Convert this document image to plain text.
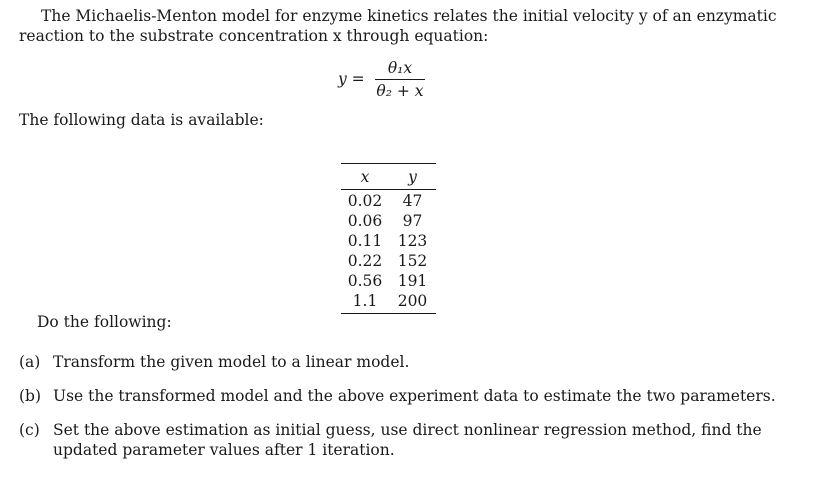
The Michaelis-Menton model for enzyme kinetics relates the initial velocity y of an enzymatic
reaction to the substrate concentration x through equation:
y =
θ₁x
θ₂ + x
The following data is available:
x	y
0.02	47
0.06	97
0.11 123
0.22 152
0.56 191
1.1	200
Do the following:
(a) Transform the given model to a linear model.
(b) Use the transformed model and the above experiment data to estimate the two parameters.
(c) Set the above estimation as initial guess, use direct nonlinear regression method, find the
updated parameter values after 1 iteration.
